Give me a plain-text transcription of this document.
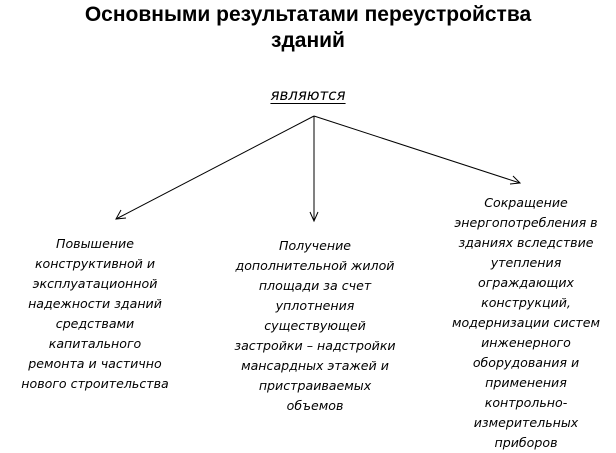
Основными результатами переустройства
зданий
являются
Повышение
конструктивной и
эксплуатационной
надежности зданий
средствами
капитального
ремонта и частично
нового строительства
Получение
дополнительной жилой
площади за счет
уплотнения
существующей
застройки – надстройки
мансардных этажей и
пристраиваемых
объемов
Сокращение
энергопотребления в
зданиях вследствие
утепления
ограждающих
конструкций,
модернизации систем
инженерного
оборудования и
применения
контрольно-
измерительных
приборов
